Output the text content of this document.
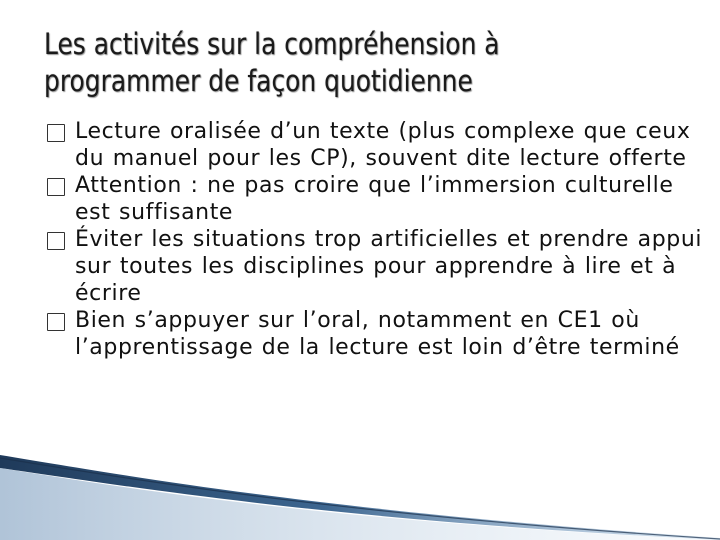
Les activités sur la compréhension à
programmer de façon quotidienne
Lecture oralisée d’un texte (plus complexe que ceux du manuel pour les CP), souvent dite lecture offerte
Attention : ne pas croire que l’immersion culturelle est suffisante
Éviter les situations trop artificielles et prendre appui sur toutes les disciplines pour apprendre à lire et à écrire
Bien s’appuyer sur l’oral, notamment en CE1 où l’apprentissage de la lecture est loin d’être terminé
